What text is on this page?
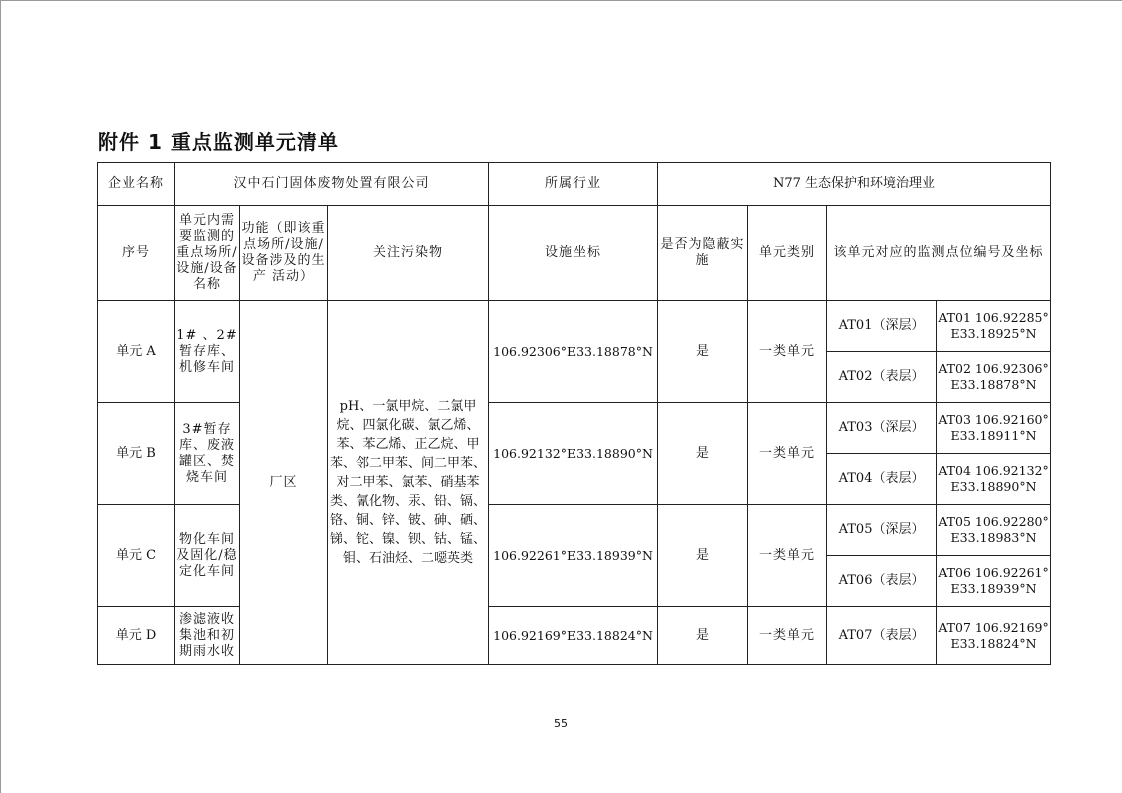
附件 1 重点监测单元清单
企业名称	汉中石门固体废物处置有限公司			所属行业	N77 生态保护和环境治理业			
序号	单元内需要监测的重点场所/设施/设备名称	功能（即该重点场所/设施/设备涉及的生产 活动）	关注污染物	设施坐标	是否为隐蔽实施	单元类别	该单元对应的监测点位编号及坐标	
单元 A	1# 、2#暂存库、机修车间	厂区	pH、一氯甲烷、二氯甲烷、四氯化碳、氯乙烯、苯、苯乙烯、正乙烷、甲苯、邻二甲苯、间二甲苯、对二甲苯、氯苯、硝基苯类、氰化物、汞、铅、镉、铬、铜、锌、铍、砷、硒、锑、铊、镍、钡、钴、锰、钼、石油烃、二噁英类	106.92306°E33.18878°N	是	一类单元	AT01（深层）	AT01 106.92285°E33.18925°N
							AT02（表层）	AT02 106.92306°E33.18878°N
单元 B	3#暂存库、废液罐区、焚烧车间			106.92132°E33.18890°N	是	一类单元	AT03（深层）	AT03 106.92160°E33.18911°N
							AT04（表层）	AT04 106.92132°E33.18890°N
单元 C	物化车间及固化/稳定化车间			106.92261°E33.18939°N	是	一类单元	AT05（深层）	AT05 106.92280°E33.18983°N
							AT06（表层）	AT06 106.92261°E33.18939°N
单元 D	渗滤液收集池和初期雨水收			106.92169°E33.18824°N	是	一类单元	AT07（表层）	AT07 106.92169°E33.18824°N
55
